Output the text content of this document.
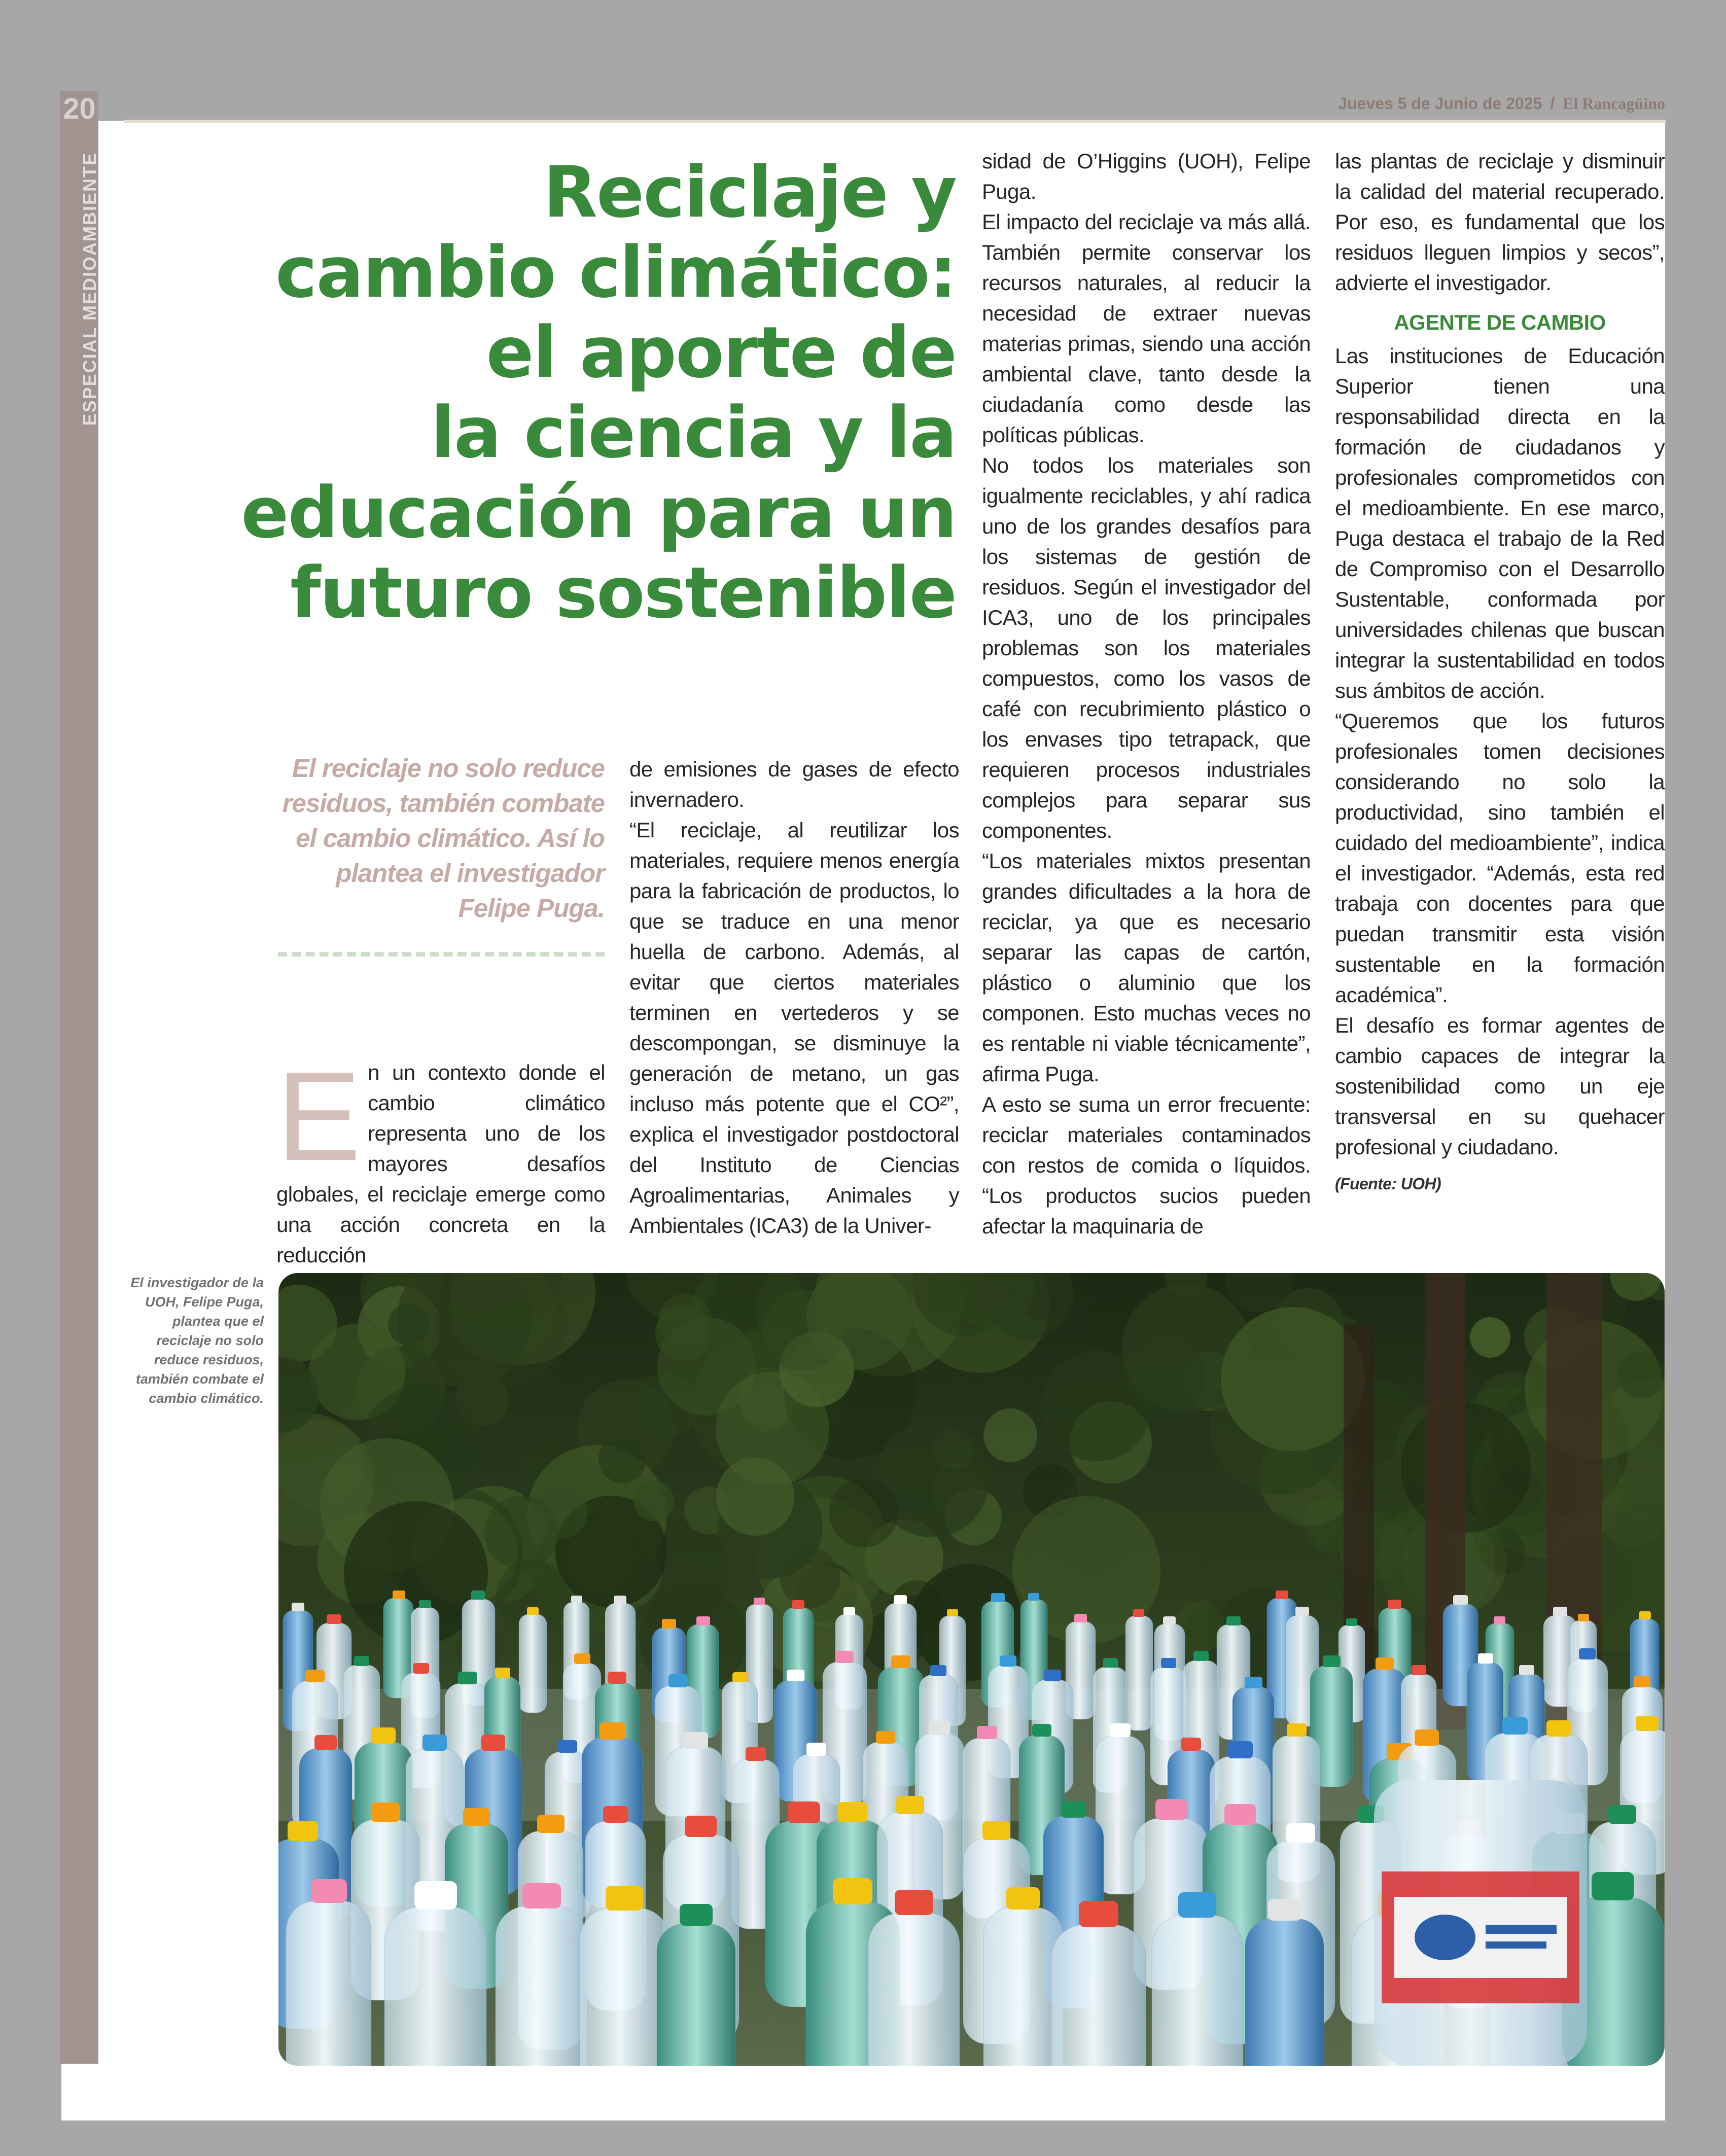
20
ESPECIAL MEDIOAMBIENTE
Jueves 5 de Junio de 2025 / El Rancagüino
Reciclaje y
cambio climático:
el aporte de
la ciencia y la
educación para un
futuro sostenible

El reciclaje no solo reduce residuos, también combate el cambio climático. Así lo plantea el investigador Felipe Puga.

E n un contexto donde el cambio climático representa uno de los mayores desafíos globales, el reciclaje emerge como una acción concreta en la reducción

de emisiones de gases de efecto invernadero.

“El reciclaje, al reutilizar los materiales, requiere menos energía para la fabricación de productos, lo que se traduce en una menor huella de carbono. Además, al evitar que ciertos materiales terminen en vertederos y se descompongan, se disminuye la generación de metano, un gas incluso más potente que el CO²”, explica el investigador postdoctoral del Instituto de Ciencias Agroalimentarias, Animales y Ambientales (ICA3) de la Univer-

sidad de O’Higgins (UOH), Felipe Puga.

El impacto del reciclaje va más allá. También permite conservar los recursos naturales, al reducir la necesidad de extraer nuevas materias primas, siendo una acción ambiental clave, tanto desde la ciudadanía como desde las políticas públicas.

No todos los materiales son igualmente reciclables, y ahí radica uno de los grandes desafíos para los sistemas de gestión de residuos. Según el investigador del ICA3, uno de los principales problemas son los materiales compuestos, como los vasos de café con recubrimiento plástico o los envases tipo tetrapack, que requieren procesos industriales complejos para separar sus componentes.

“Los materiales mixtos presentan grandes dificultades a la hora de reciclar, ya que es necesario separar las capas de cartón, plástico o aluminio que los componen. Esto muchas veces no es rentable ni viable técnicamente”, afirma Puga.

A esto se suma un error frecuente: reciclar materiales contaminados con restos de comida o líquidos. “Los productos sucios pueden afectar la maquinaria de

las plantas de reciclaje y disminuir la calidad del material recuperado. Por eso, es fundamental que los residuos lleguen limpios y secos”, advierte el investigador.

AGENTE DE CAMBIO

Las instituciones de Educación Superior tienen una responsabilidad directa en la formación de ciudadanos y profesionales comprometidos con el medioambiente. En ese marco, Puga destaca el trabajo de la Red de Compromiso con el Desarrollo Sustentable, conformada por universidades chilenas que buscan integrar la sustentabilidad en todos sus ámbitos de acción.

“Queremos que los futuros profesionales tomen decisiones considerando no solo la productividad, sino también el cuidado del medioambiente”, indica el investigador. “Además, esta red trabaja con docentes para que puedan transmitir esta visión sustentable en la formación académica”.

El desafío es formar agentes de cambio capaces de integrar la sostenibilidad como un eje transversal en su quehacer profesional y ciudadano.

(Fuente: UOH)

El investigador de la UOH, Felipe Puga, plantea que el reciclaje no solo reduce residuos, también combate el cambio climático.
